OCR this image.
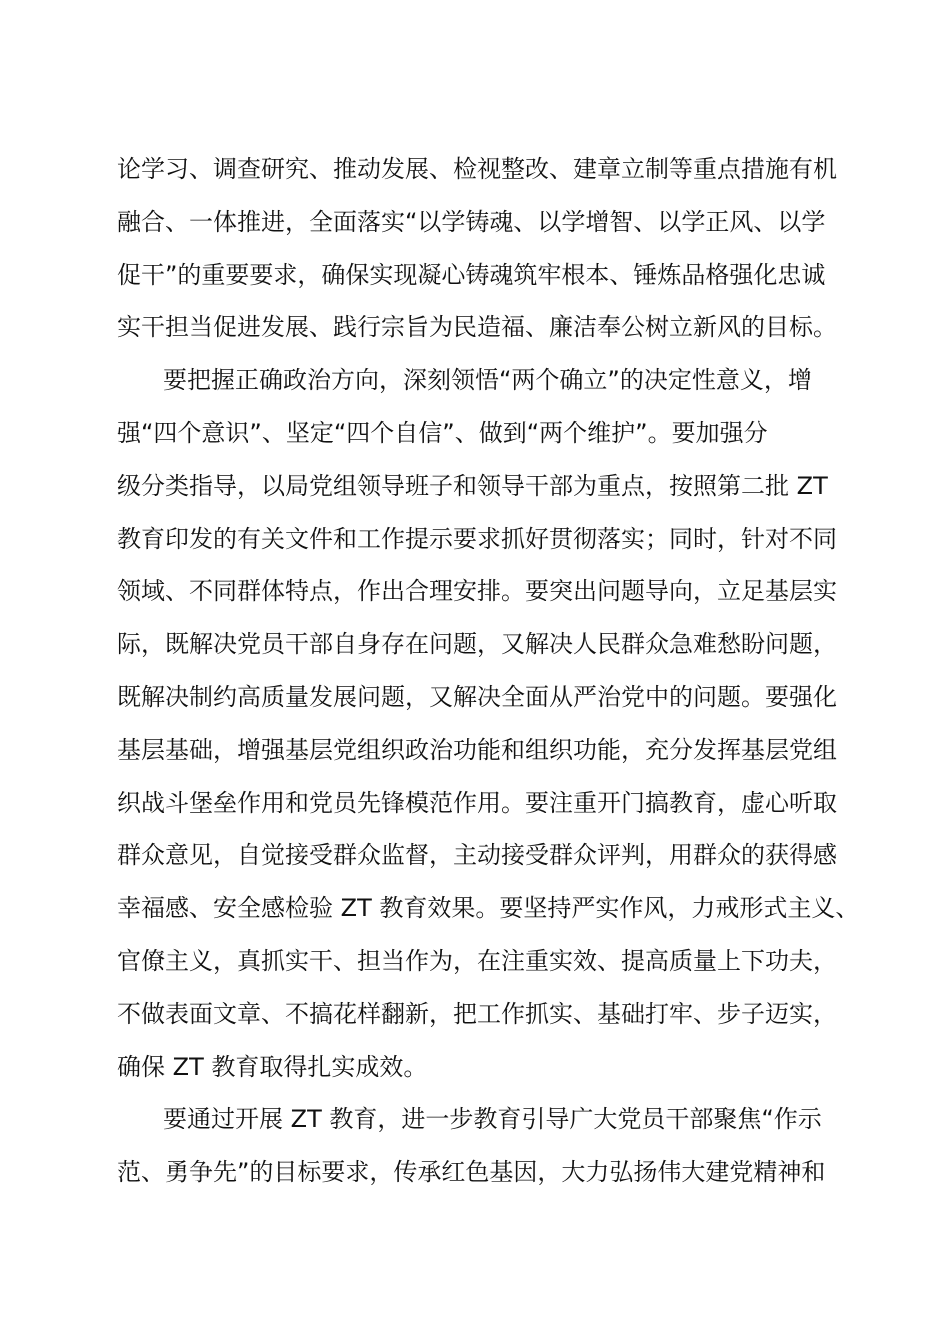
论学习、调查研究、推动发展、检视整改、建章立制等重点措施有机
融合、一体推进，全面落实“以学铸魂、以学增智、以学正风、以学
促干”的重要要求，确保实现凝心铸魂筑牢根本、锤炼品格强化忠诚
实干担当促进发展、践行宗旨为民造福、廉洁奉公树立新风的目标。
要把握正确政治方向，深刻领悟“两个确立”的决定性意义，增
强“四个意识”、坚定“四个自信”、做到“两个维护”。要加强分
级分类指导，以局党组领导班子和领导干部为重点，按照第二批 ZT
教育印发的有关文件和工作提示要求抓好贯彻落实；同时，针对不同
领域、不同群体特点，作出合理安排。要突出问题导向，立足基层实
际，既解决党员干部自身存在问题，又解决人民群众急难愁盼问题，
既解决制约高质量发展问题，又解决全面从严治党中的问题。要强化
基层基础，增强基层党组织政治功能和组织功能，充分发挥基层党组
织战斗堡垒作用和党员先锋模范作用。要注重开门搞教育，虚心听取
群众意见，自觉接受群众监督，主动接受群众评判，用群众的获得感
幸福感、安全感检验 ZT 教育效果。要坚持严实作风，力戒形式主义、
官僚主义，真抓实干、担当作为，在注重实效、提高质量上下功夫，
不做表面文章、不搞花样翻新，把工作抓实、基础打牢、步子迈实，
确保 ZT 教育取得扎实成效。
要通过开展 ZT 教育，进一步教育引导广大党员干部聚焦“作示
范、勇争先”的目标要求，传承红色基因，大力弘扬伟大建党精神和
